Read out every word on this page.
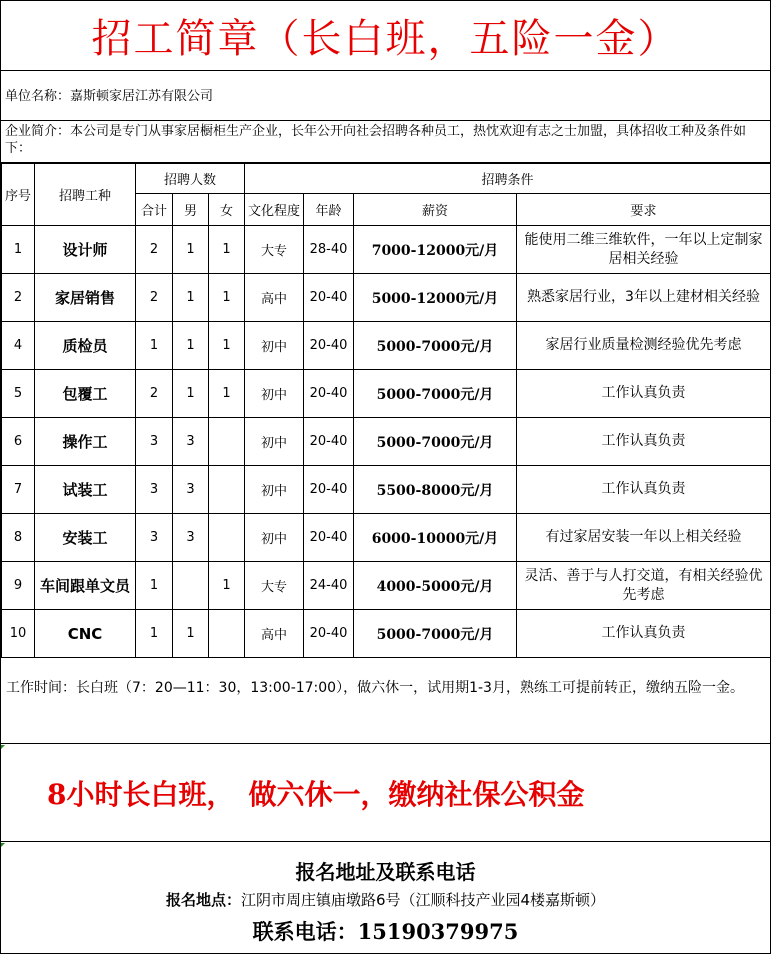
招工简章（长白班，五险一金）
单位名称：嘉斯顿家居江苏有限公司
企业简介：本公司是专门从事家居橱柜生产企业，长年公开向社会招聘各种员工，热忱欢迎有志之士加盟，具体招收工种及条件如下：
序号	招聘工种	招聘人数			招聘条件			
		合计	男	女	文化程度	年龄	薪资	要求
1	设计师	2	1	1	大专	28-40	7000-12000元/月	能使用二维三维软件，一年以上定制家居相关经验
2	家居销售	2	1	1	高中	20-40	5000-12000元/月	熟悉家居行业，3年以上建材相关经验
4	质检员	1	1	1	初中	20-40	5000-7000元/月	家居行业质量检测经验优先考虑
5	包覆工	2	1	1	初中	20-40	5000-7000元/月	工作认真负责
6	操作工	3	3		初中	20-40	5000-7000元/月	工作认真负责
7	试装工	3	3		初中	20-40	5500-8000元/月	工作认真负责
8	安装工	3	3		初中	20-40	6000-10000元/月	有过家居安装一年以上相关经验
9	车间跟单文员	1		1	大专	24-40	4000-5000元/月	灵活、善于与人打交道，有相关经验优先考虑
10	CNC	1	1		高中	20-40	5000-7000元/月	工作认真负责
工作时间：长白班（7：20—11：30，13:00-17:00），做六休一，试用期1-3月，熟练工可提前转正，缴纳五险一金。
8小时长白班，　做六休一，缴纳社保公积金
报名地址及联系电话
报名地点：江阴市周庄镇庙墩路6号（江顺科技产业园4楼嘉斯顿）
联系电话：15190379975
